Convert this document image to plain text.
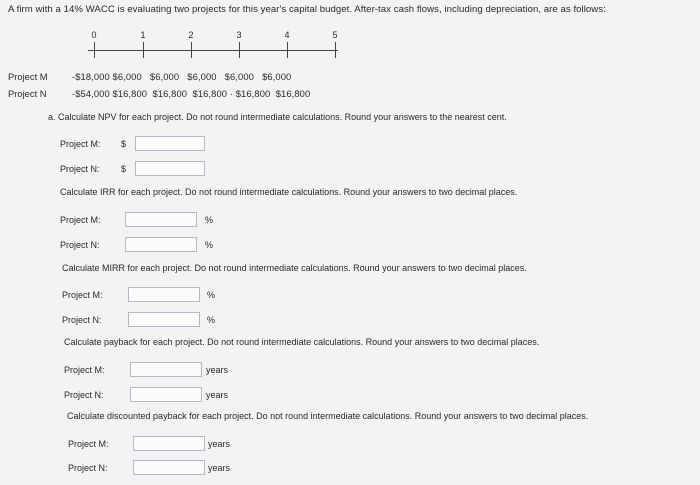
A firm with a 14% WACC is evaluating two projects for this year's capital budget. After-tax cash flows, including depreciation, are as follows:
0	1	2	3	4	5
Project M	-$18,000 $6,000   $6,000   $6,000   $6,000   $6,000
Project N	-$54,000 $16,800  $16,800  $16,800 · $16,800  $16,800
a. Calculate NPV for each project. Do not round intermediate calculations. Round your answers to the nearest cent.
Project M: $
Project N: $
Calculate IRR for each project. Do not round intermediate calculations. Round your answers to two decimal places.
Project M:	%
Project N:	%
Calculate MIRR for each project. Do not round intermediate calculations. Round your answers to two decimal places.
Project M:	%
Project N:	%
Calculate payback for each project. Do not round intermediate calculations. Round your answers to two decimal places.
Project M:	years
Project N:	years
Calculate discounted payback for each project. Do not round intermediate calculations. Round your answers to two decimal places.
Project M:	years
Project N:	years
